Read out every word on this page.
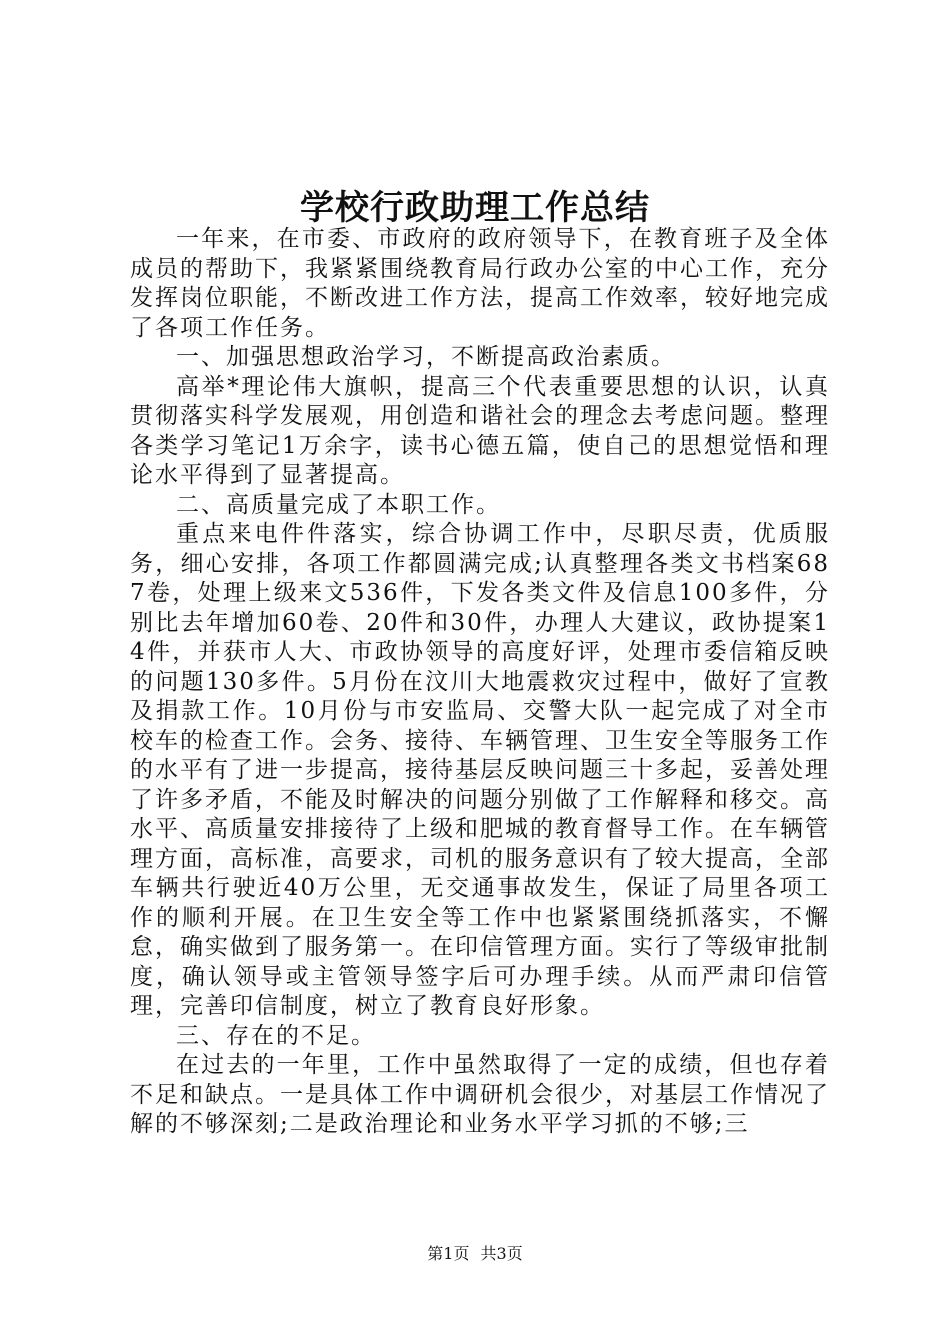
学校行政助理工作总结

一年来，在市委、市政府的政府领导下，在教育班子及全体成员的帮助下，我紧紧围绕教育局行政办公室的中心工作，充分发挥岗位职能，不断改进工作方法，提高工作效率，较好地完成了各项工作任务。

一、加强思想政治学习，不断提高政治素质。

高举*理论伟大旗帜，提高三个代表重要思想的认识，认真贯彻落实科学发展观，用创造和谐社会的理念去考虑问题。整理各类学习笔记1万余字，读书心德五篇，使自己的思想觉悟和理论水平得到了显著提高。

二、高质量完成了本职工作。

重点来电件件落实，综合协调工作中，尽职尽责，优质服务，细心安排，各项工作都圆满完成;认真整理各类文书档案687卷，处理上级来文536件，下发各类文件及信息100多件，分别比去年增加60卷、20件和30件，办理人大建议，政协提案14件，并获市人大、市政协领导的高度好评，处理市委信箱反映的问题130多件。5月份在汶川大地震救灾过程中，做好了宣教及捐款工作。10月份与市安监局、交警大队一起完成了对全市校车的检查工作。会务、接待、车辆管理、卫生安全等服务工作的水平有了进一步提高，接待基层反映问题三十多起，妥善处理了许多矛盾，不能及时解决的问题分别做了工作解释和移交。高水平、高质量安排接待了上级和肥城的教育督导工作。在车辆管理方面，高标准，高要求，司机的服务意识有了较大提高，全部车辆共行驶近40万公里，无交通事故发生，保证了局里各项工作的顺利开展。在卫生安全等工作中也紧紧围绕抓落实，不懈怠，确实做到了服务第一。在印信管理方面。实行了等级审批制度，确认领导或主管领导签字后可办理手续。从而严肃印信管理，完善印信制度，树立了教育良好形象。

三、存在的不足。

在过去的一年里，工作中虽然取得了一定的成绩，但也存着不足和缺点。一是具体工作中调研机会很少，对基层工作情况了解的不够深刻;二是政治理论和业务水平学习抓的不够;三

第1页 共3页
